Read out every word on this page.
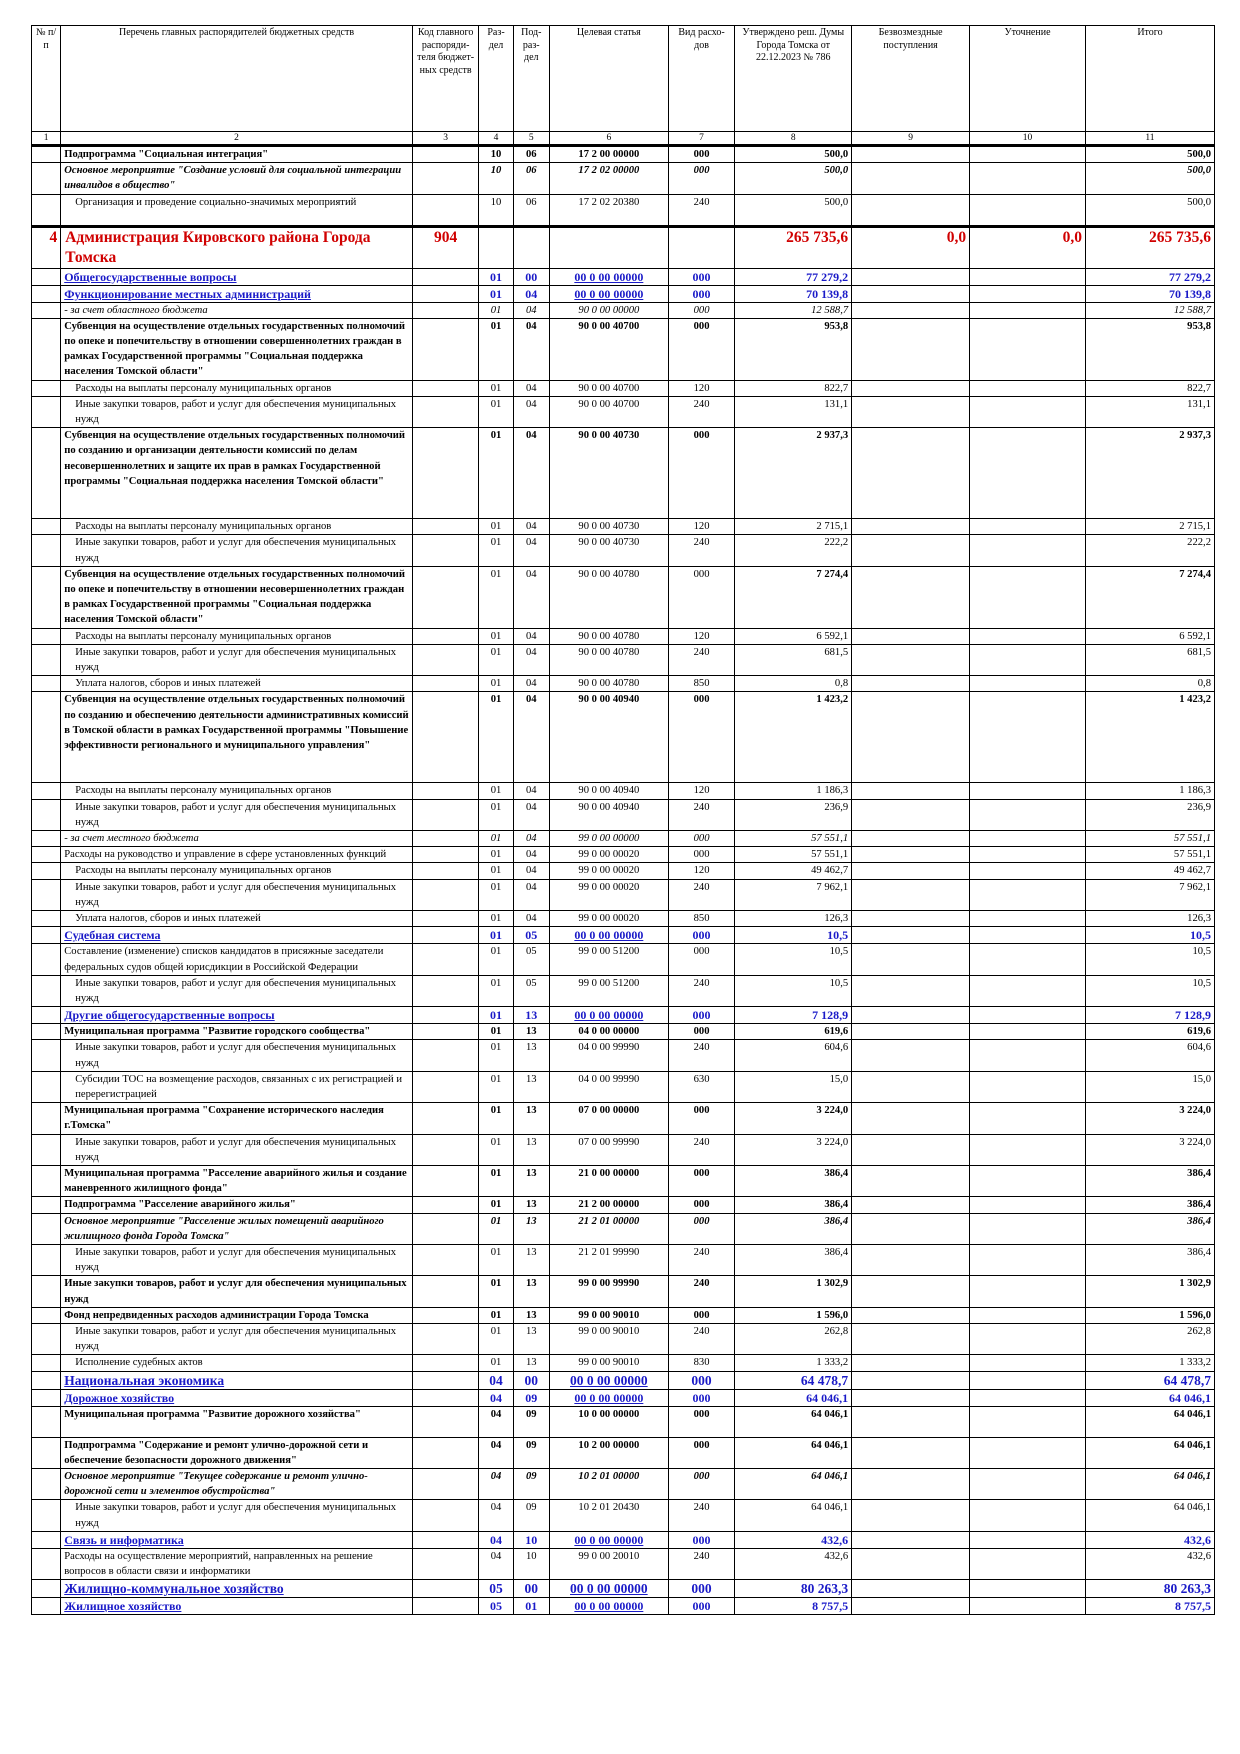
№ п/п	Перечень главных распорядителей бюджетных средств	Код главного распоряди-теля бюджет-ных средств	Раз-дел	Под-раз-дел	Целевая статья	Вид расхо-дов	Утверждено реш. Думы Города Томска от 22.12.2023 № 786	Безвозмездные поступления	Уточнение	Итого
1	2	3	4	5	6	7	8	9	10	11
	Подпрограмма "Социальная интеграция"		10	06	17 2 00 00000	000	500,0			500,0
	Основное мероприятие "Создание условий для социальной интеграции инвалидов в общество"		10	06	17 2 02 00000	000	500,0			500,0
	Организация и проведение социально-значимых мероприятий		10	06	17 2 02 20380	240	500,0			500,0
4	Администрация Кировского района Города Томска	904					265 735,6	0,0	0,0	265 735,6
	Общегосударственные вопросы		01	00	00 0 00 00000	000	77 279,2			77 279,2
	Функционирование местных администраций		01	04	00 0 00 00000	000	70 139,8			70 139,8
	- за счет областного бюджета		01	04	90 0 00 00000	000	12 588,7			12 588,7
	Субвенция на осуществление отдельных государственных полномочий по опеке и попечительству в отношении совершеннолетних граждан в рамках Государственной программы "Социальная поддержка населения Томской области"		01	04	90 0 00 40700	000	953,8			953,8
	Расходы на выплаты персоналу муниципальных органов		01	04	90 0 00 40700	120	822,7			822,7
	Иные закупки товаров, работ и услуг для обеспечения муниципальных нужд		01	04	90 0 00 40700	240	131,1			131,1
	Субвенция на осуществление отдельных государственных полномочий по созданию и организации деятельности комиссий по делам несовершеннолетних и защите их прав в рамках Государственной программы "Социальная поддержка населения Томской области"		01	04	90 0 00 40730	000	2 937,3			2 937,3
	Расходы на выплаты персоналу муниципальных органов		01	04	90 0 00 40730	120	2 715,1			2 715,1
	Иные закупки товаров, работ и услуг для обеспечения муниципальных нужд		01	04	90 0 00 40730	240	222,2			222,2
	Субвенция на осуществление отдельных государственных полномочий по опеке и попечительству в отношении несовершеннолетних граждан в рамках Государственной программы "Социальная поддержка населения Томской области"		01	04	90 0 00 40780	000	7 274,4			7 274,4
	Расходы на выплаты персоналу муниципальных органов		01	04	90 0 00 40780	120	6 592,1			6 592,1
	Иные закупки товаров, работ и услуг для обеспечения муниципальных нужд		01	04	90 0 00 40780	240	681,5			681,5
	Уплата налогов, сборов и иных платежей		01	04	90 0 00 40780	850	0,8			0,8
	Субвенция на осуществление отдельных государственных полномочий по созданию и обеспечению деятельности административных комиссий в Томской области в рамках Государственной программы "Повышение эффективности регионального и муниципального управления"		01	04	90 0 00 40940	000	1 423,2			1 423,2
	Расходы на выплаты персоналу муниципальных органов		01	04	90 0 00 40940	120	1 186,3			1 186,3
	Иные закупки товаров, работ и услуг для обеспечения муниципальных нужд		01	04	90 0 00 40940	240	236,9			236,9
	- за счет местного бюджета		01	04	99 0 00 00000	000	57 551,1			57 551,1
	Расходы на руководство и управление в сфере установленных функций		01	04	99 0 00 00020	000	57 551,1			57 551,1
	Расходы на выплаты персоналу муниципальных органов		01	04	99 0 00 00020	120	49 462,7			49 462,7
	Иные закупки товаров, работ и услуг для обеспечения муниципальных нужд		01	04	99 0 00 00020	240	7 962,1			7 962,1
	Уплата налогов, сборов и иных платежей		01	04	99 0 00 00020	850	126,3			126,3
	Судебная система		01	05	00 0 00 00000	000	10,5			10,5
	Составление (изменение) списков кандидатов в присяжные заседатели федеральных судов общей юрисдикции в Российской Федерации		01	05	99 0 00 51200	000	10,5			10,5
	Иные закупки товаров, работ и услуг для обеспечения муниципальных нужд		01	05	99 0 00 51200	240	10,5			10,5
	Другие общегосударственные вопросы		01	13	00 0 00 00000	000	7 128,9			7 128,9
	Муниципальная программа "Развитие городского сообщества"		01	13	04 0 00 00000	000	619,6			619,6
	Иные закупки товаров, работ и услуг для обеспечения муниципальных нужд		01	13	04 0 00 99990	240	604,6			604,6
	Субсидии ТОС на возмещение расходов, связанных с их регистрацией и перерегистрацией		01	13	04 0 00 99990	630	15,0			15,0
	Муниципальная программа "Сохранение исторического наследия г.Томска"		01	13	07 0 00 00000	000	3 224,0			3 224,0
	Иные закупки товаров, работ и услуг для обеспечения муниципальных нужд		01	13	07 0 00 99990	240	3 224,0			3 224,0
	Муниципальная программа "Расселение аварийного жилья и создание маневренного жилищного фонда"		01	13	21 0 00 00000	000	386,4			386,4
	Подпрограмма "Расселение аварийного жилья"		01	13	21 2 00 00000	000	386,4			386,4
	Основное мероприятие "Расселение жилых помещений аварийного жилищного фонда Города Томска"		01	13	21 2 01 00000	000	386,4			386,4
	Иные закупки товаров, работ и услуг для обеспечения муниципальных нужд		01	13	21 2 01 99990	240	386,4			386,4
	Иные закупки товаров, работ и услуг для обеспечения муниципальных нужд		01	13	99 0 00 99990	240	1 302,9			1 302,9
	Фонд непредвиденных расходов администрации Города Томска		01	13	99 0 00 90010	000	1 596,0			1 596,0
	Иные закупки товаров, работ и услуг для обеспечения муниципальных нужд		01	13	99 0 00 90010	240	262,8			262,8
	Исполнение судебных актов		01	13	99 0 00 90010	830	1 333,2			1 333,2
	Национальная экономика		04	00	00 0 00 00000	000	64 478,7			64 478,7
	Дорожное хозяйство		04	09	00 0 00 00000	000	64 046,1			64 046,1
	Муниципальная программа "Развитие дорожного хозяйства"		04	09	10 0 00 00000	000	64 046,1			64 046,1
	Подпрограмма "Содержание и ремонт улично-дорожной сети и обеспечение безопасности дорожного движения"		04	09	10 2 00 00000	000	64 046,1			64 046,1
	Основное мероприятие "Текущее содержание и ремонт улично-дорожной сети и элементов обустройства"		04	09	10 2 01 00000	000	64 046,1			64 046,1
	Иные закупки товаров, работ и услуг для обеспечения муниципальных нужд		04	09	10 2 01 20430	240	64 046,1			64 046,1
	Связь и информатика		04	10	00 0 00 00000	000	432,6			432,6
	Расходы на осуществление мероприятий, направленных на решение вопросов в области связи и информатики		04	10	99 0 00 20010	240	432,6			432,6
	Жилищно-коммунальное хозяйство		05	00	00 0 00 00000	000	80 263,3			80 263,3
	Жилищное хозяйство		05	01	00 0 00 00000	000	8 757,5			8 757,5
